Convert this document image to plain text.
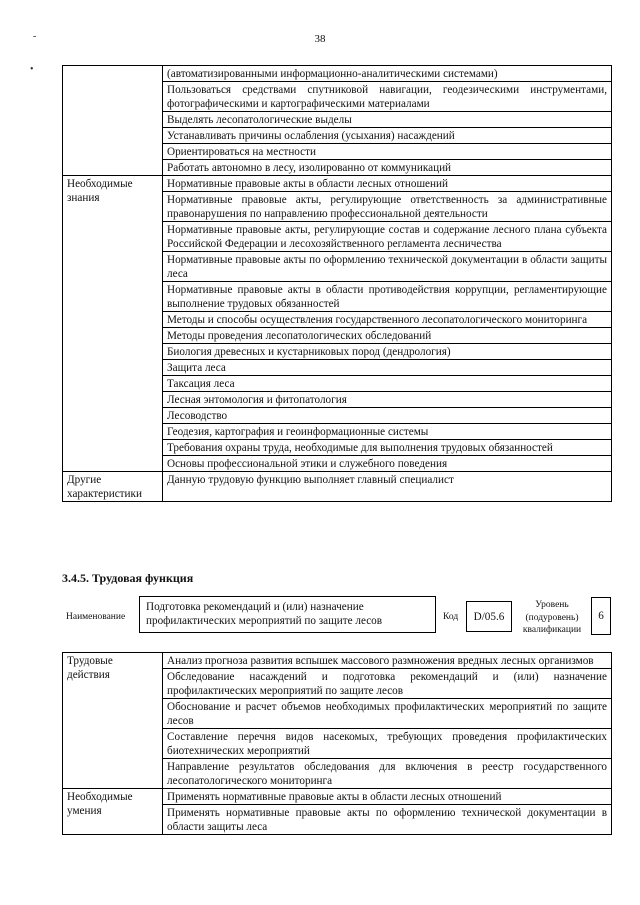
38
-
•
		(автоматизированными информационно-аналитическими системами)
	Пользоваться средствами спутниковой навигации, геодезическими инструментами, фотографическими и картографическими материалами
	Выделять лесопатологические выделы
	Устанавливать причины ослабления (усыхания) насаждений
	Ориентироваться на местности
	Работать автономно в лесу, изолированно от коммуникаций
Необходимые знания	Нормативные правовые акты в области лесных отношений
	Нормативные правовые акты, регулирующие ответственность за административные правонарушения по направлению профессиональной деятельности
	Нормативные правовые акты, регулирующие состав и содержание лесного плана субъекта Российской Федерации и лесохозяйственного регламента лесничества
	Нормативные правовые акты по оформлению технической документации в области защиты леса
	Нормативные правовые акты в области противодействия коррупции, регламентирующие выполнение трудовых обязанностей
	Методы и способы осуществления государственного лесопатологического мониторинга
	Методы проведения лесопатологических обследований
	Биология древесных и кустарниковых пород (дендрология)
	Защита леса
	Таксация леса
	Лесная энтомология и фитопатология
	Лесоводство
	Геодезия, картография и геоинформационные системы
	Требования охраны труда, необходимые для выполнения трудовых обязанностей
	Основы профессиональной этики и служебного поведения
Другие характеристики	Данную трудовую функцию выполняет главный специалист
3.4.5. Трудовая функция
Наименование
Подготовка рекомендаций и (или) назначение профилактических мероприятий по защите лесов	Код	D/05.6
Уровень (подуровень) квалификации
6
Трудовые действия	Анализ прогноза развития вспышек массового размножения вредных лесных организмов
	Обследование насаждений и подготовка рекомендаций и (или) назначение профилактических мероприятий по защите лесов
	Обоснование и расчет объемов необходимых профилактических мероприятий по защите лесов
	Составление перечня видов насекомых, требующих проведения профилактических биотехнических мероприятий
	Направление результатов обследования для включения в реестр государственного лесопатологического мониторинга
Необходимые умения	Применять нормативные правовые акты в области лесных отношений
	Применять нормативные правовые акты по оформлению технической документации в области защиты леса
